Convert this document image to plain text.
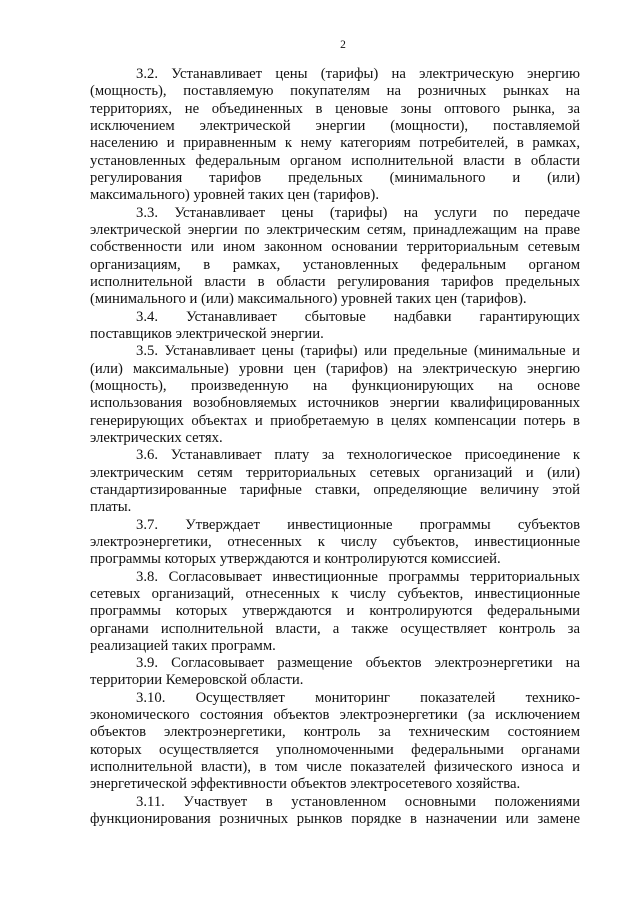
2
3.2. Устанавливает цены (тарифы) на электрическую энергию
(мощность), поставляемую покупателям на розничных рынках на
территориях, не объединенных в ценовые зоны оптового рынка, за
исключением электрической энергии (мощности), поставляемой
населению и приравненным к нему категориям потребителей, в рамках,
установленных федеральным органом исполнительной власти в области
регулирования тарифов предельных (минимального и (или)
максимального) уровней таких цен (тарифов).
3.3. Устанавливает цены (тарифы) на услуги по передаче
электрической энергии по электрическим сетям, принадлежащим на праве
собственности или ином законном основании территориальным сетевым
организациям, в рамках, установленных федеральным органом
исполнительной власти в области регулирования тарифов предельных
(минимального и (или) максимального) уровней таких цен (тарифов).
3.4. Устанавливает сбытовые надбавки гарантирующих
поставщиков электрической энергии.
3.5. Устанавливает цены (тарифы) или предельные (минимальные и
(или) максимальные) уровни цен (тарифов) на электрическую энергию
(мощность), произведенную на функционирующих на основе
использования возобновляемых источников энергии квалифицированных
генерирующих объектах и приобретаемую в целях компенсации потерь в
электрических сетях.
3.6. Устанавливает плату за технологическое присоединение к
электрическим сетям территориальных сетевых организаций и (или)
стандартизированные тарифные ставки, определяющие величину этой
платы.
3.7. Утверждает инвестиционные программы субъектов
электроэнергетики, отнесенных к числу субъектов, инвестиционные
программы которых утверждаются и контролируются комиссией.
3.8. Согласовывает инвестиционные программы территориальных
сетевых организаций, отнесенных к числу субъектов, инвестиционные
программы которых утверждаются и контролируются федеральными
органами исполнительной власти, а также осуществляет контроль за
реализацией таких программ.
3.9. Согласовывает размещение объектов электроэнергетики на
территории Кемеровской области.
3.10. Осуществляет мониторинг показателей технико-
экономического состояния объектов электроэнергетики (за исключением
объектов электроэнергетики, контроль за техническим состоянием
которых осуществляется уполномоченными федеральными органами
исполнительной власти), в том числе показателей физического износа и
энергетической эффективности объектов электросетевого хозяйства.
3.11. Участвует в установленном основными положениями
функционирования розничных рынков порядке в назначении или замене
